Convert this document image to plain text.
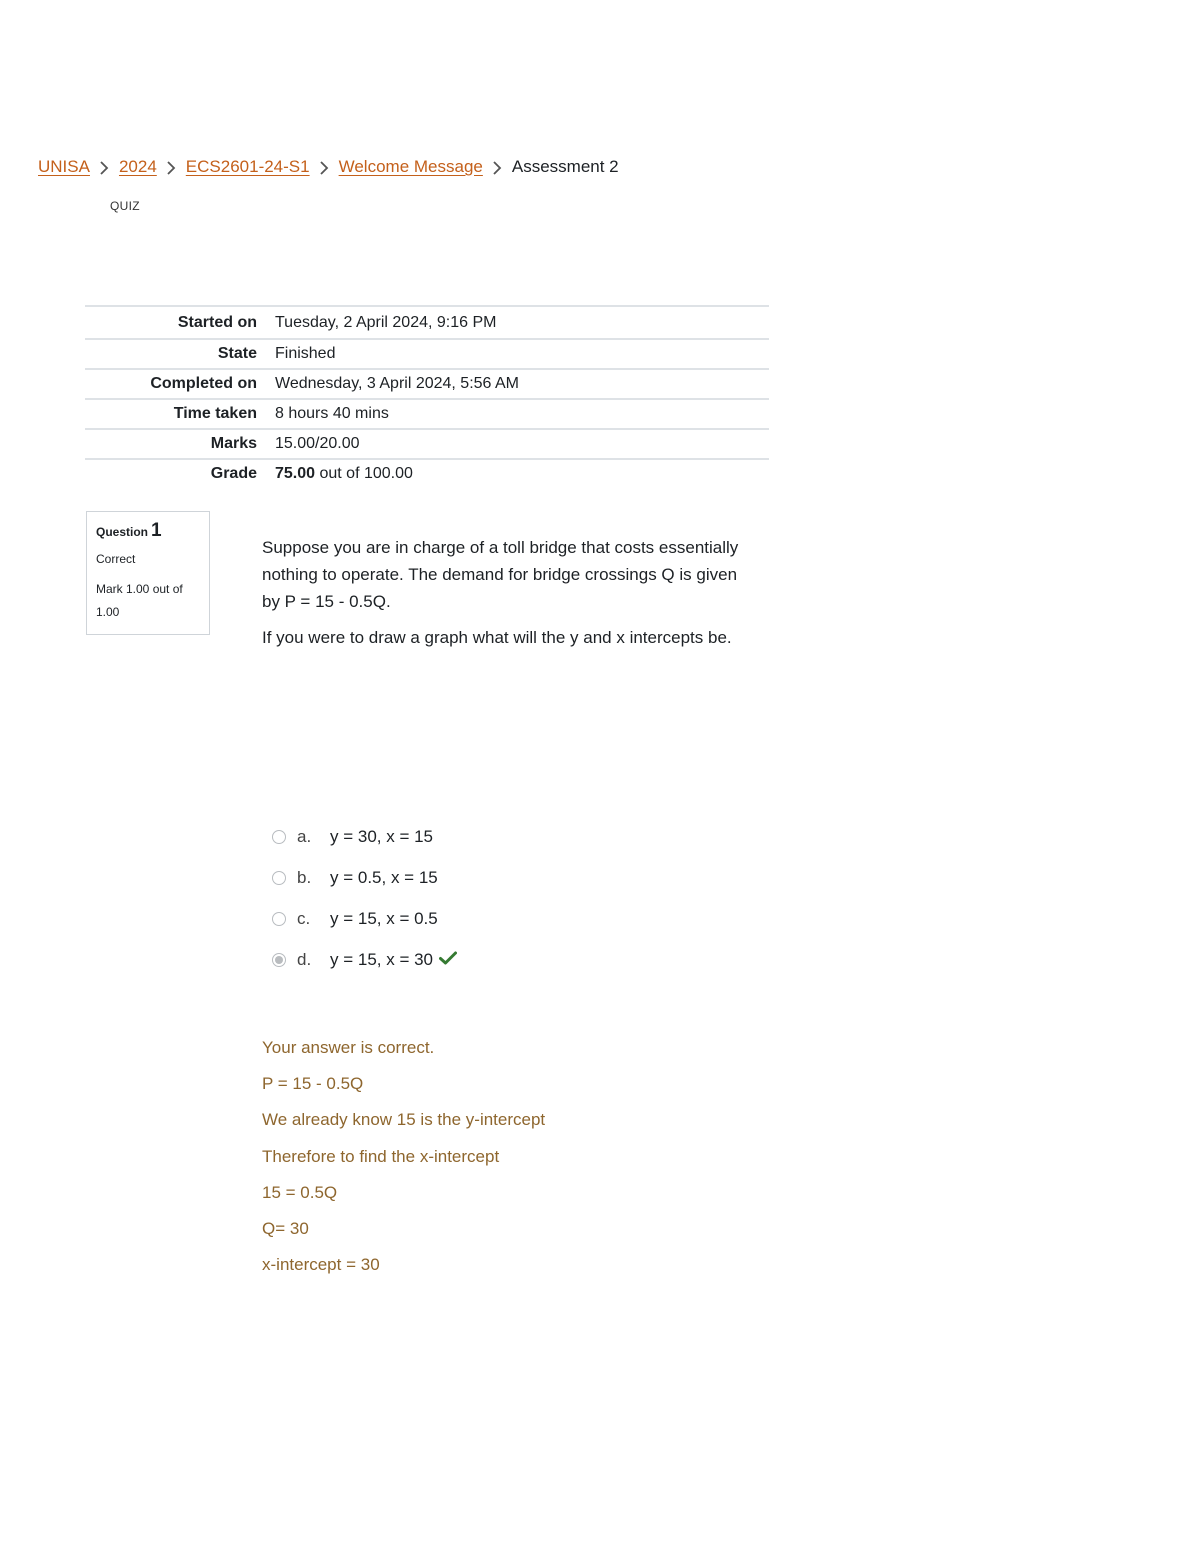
UNISA 2024 ECS2601-24-S1 Welcome Message Assessment 2
QUIZ
Started on	Tuesday, 2 April 2024, 9:16 PM
State	Finished
Completed on	Wednesday, 3 April 2024, 5:56 AM
Time taken	8 hours 40 mins
Marks	15.00/20.00
Grade	75.00 out of 100.00
Question 1
Correct
Mark 1.00 out of 1.00

Suppose you are in charge of a toll bridge that costs essentially nothing to operate. The demand for bridge crossings Q is given by P = 15 - 0.5Q.

If you were to draw a graph what will the y and x intercepts be.

a.	y = 30, x = 15
b.	y = 0.5, x = 15
c.	y = 15, x = 0.5
d.	y = 15, x = 30
Your answer is correct.
P = 15 - 0.5Q
We already know 15 is the y-intercept
Therefore to find the x-intercept
15 = 0.5Q
Q= 30
x-intercept = 30
